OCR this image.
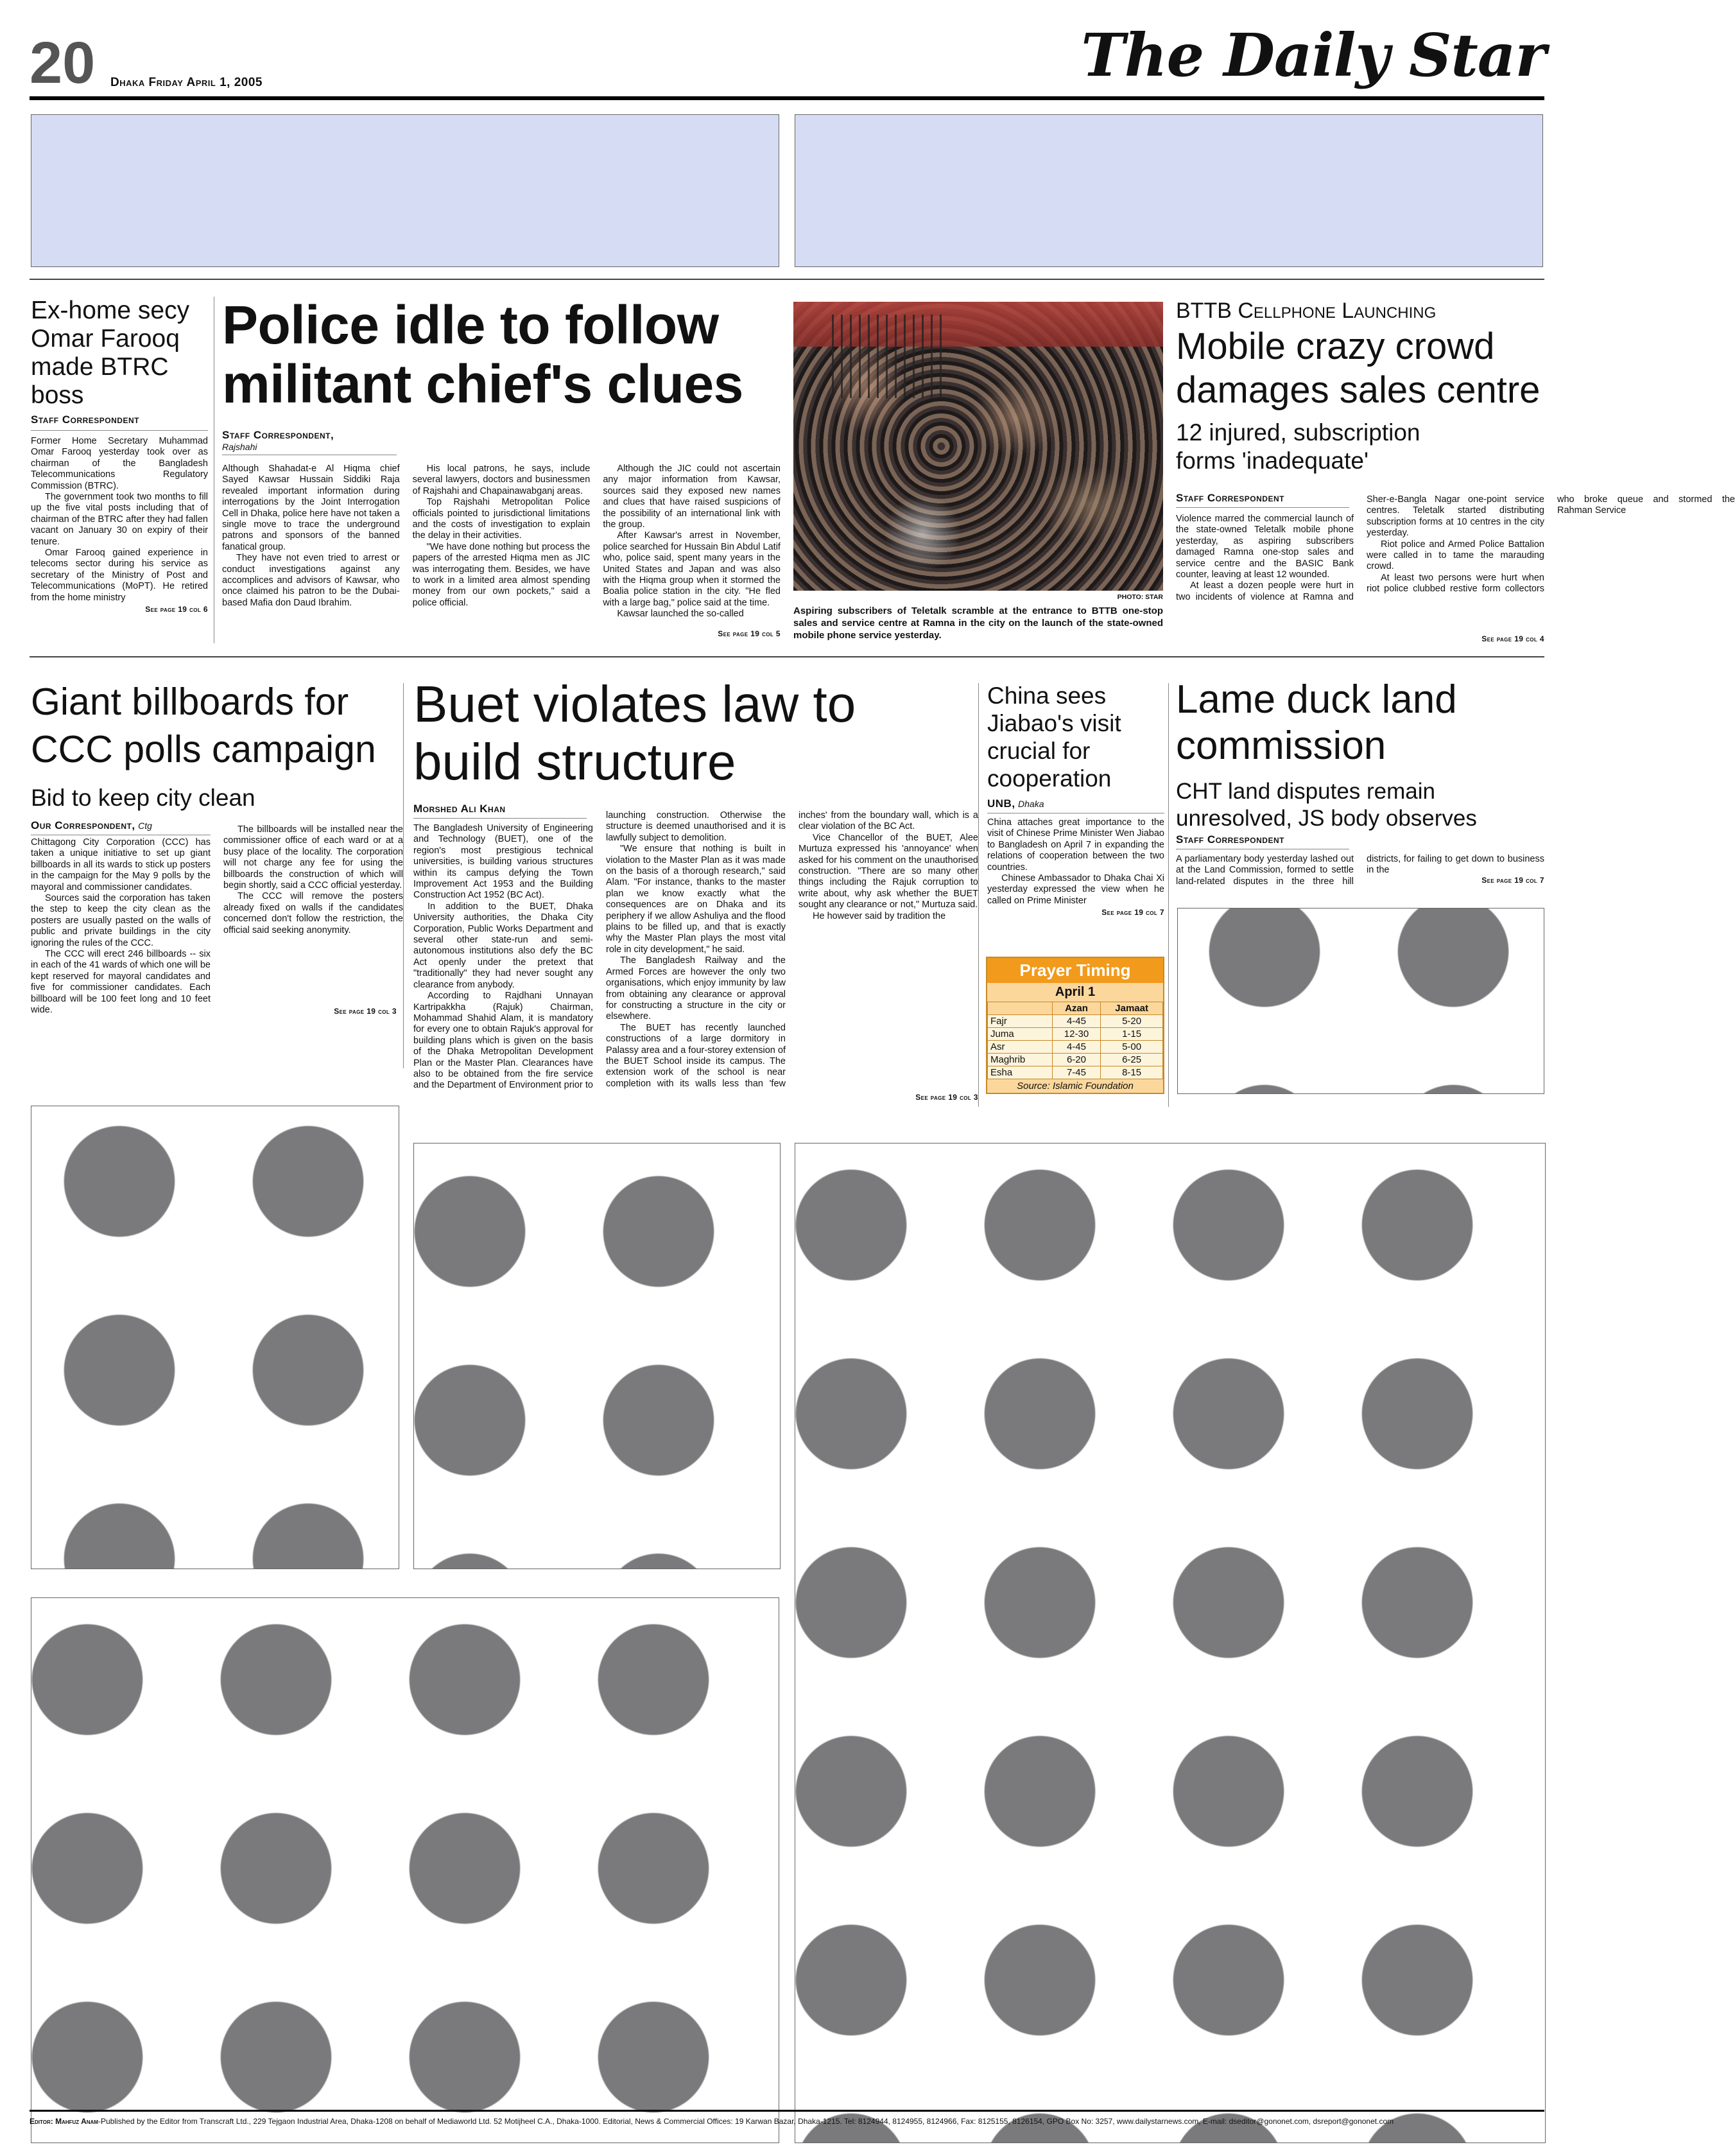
20 Dhaka Friday April 1, 2005	The Daily Star
Ex-home secy Omar Farooq made BTRC boss
Staff Correspondent

Former Home Secretary Muhammad Omar Farooq yesterday took over as chairman of the Bangladesh Telecommunications Regulatory Commission (BTRC).

The government took two months to fill up the five vital posts including that of chairman of the BTRC after they had fallen vacant on January 30 on expiry of their tenure.

Omar Farooq gained experience in telecoms sector during his service as secretary of the Ministry of Post and Telecommunications (MoPT). He retired from the home ministry

See page 19 col 6
Police idle to follow militant chief's clues
Staff Correspondent,
Rajshahi

Although Shahadat-e Al Hiqma chief Sayed Kawsar Hussain Siddiki Raja revealed important information during interrogations by the Joint Interrogation Cell in Dhaka, police here have not taken a single move to trace the underground patrons and sponsors of the banned fanatical group.

They have not even tried to arrest or conduct investigations against any accomplices and advisors of Kawsar, who once claimed his patron to be the Dubai-based Mafia don Daud Ibrahim.

His local patrons, he says, include several lawyers, doctors and businessmen of Rajshahi and Chapainawabganj areas.

Top Rajshahi Metropolitan Police officials pointed to jurisdictional limitations and the costs of investigation to explain the delay in their activities.

"We have done nothing but process the papers of the arrested Hiqma men as JIC was interrogating them. Besides, we have to work in a limited area almost spending money from our own pockets," said a police official.

Although the JIC could not ascertain any major information from Kawsar, sources said they exposed new names and clues that have raised suspicions of the possibility of an international link with the group.

After Kawsar's arrest in November, police searched for Hussain Bin Abdul Latif who, police said, spent many years in the United States and Japan and was also with the Hiqma group when it stormed the Boalia police station in the city. "He fled with a large bag," police said at the time.

Kawsar launched the so-called

See page 19 col 5
PHOTO: STAR
Aspiring subscribers of Teletalk scramble at the entrance to BTTB one-stop sales and service centre at Ramna in the city on the launch of the state-owned mobile phone service yesterday.
BTTB Cellphone Launching
Mobile crazy crowd damages sales centre
12 injured, subscription forms 'inadequate'
Staff Correspondent

Violence marred the commercial launch of the state-owned Teletalk mobile phone yesterday, as aspiring subscribers damaged Ramna one-stop sales and service centre and the BASIC Bank counter, leaving at least 12 wounded.

At least a dozen people were hurt in two incidents of violence at Ramna and Sher-e-Bangla Nagar one-point service centres. Teletalk started distributing subscription forms at 10 centres in the city yesterday.

Riot police and Armed Police Battalion were called in to tame the marauding crowd.

At least two persons were hurt when riot police clubbed restive form collectors who broke queue and stormed the Rahman Service

See page 19 col 4
Giant billboards for CCC polls campaign
Bid to keep city clean
Our Correspondent, Ctg

Chittagong City Corporation (CCC) has taken a unique initiative to set up giant billboards in all its wards to stick up posters in the campaign for the May 9 polls by the mayoral and commissioner candidates.

Sources said the corporation has taken the step to keep the city clean as the posters are usually pasted on the walls of public and private buildings in the city ignoring the rules of the CCC.

The CCC will erect 246 billboards -- six in each of the 41 wards of which one will be kept reserved for mayoral candidates and five for commissioner candidates. Each billboard will be 100 feet long and 10 feet wide.

The billboards will be installed near the commissioner office of each ward or at a busy place of the locality. The corporation will not charge any fee for using the billboards the construction of which will begin shortly, said a CCC official yesterday.

The CCC will remove the posters already fixed on walls if the candidates concerned don't follow the restriction, the official said seeking anonymity.

See page 19 col 3
Buet violates law to build structure
Morshed Ali Khan

The Bangladesh University of Engineering and Technology (BUET), one of the region's most prestigious technical universities, is building various structures within its campus defying the Town Improvement Act 1953 and the Building Construction Act 1952 (BC Act).

In addition to the BUET, Dhaka University authorities, the Dhaka City Corporation, Public Works Department and several other state-run and semi-autonomous institutions also defy the BC Act openly under the pretext that "traditionally" they had never sought any clearance from anybody.

According to Rajdhani Unnayan Kartripakkha (Rajuk) Chairman, Mohammad Shahid Alam, it is mandatory for every one to obtain Rajuk's approval for building plans which is given on the basis of the Dhaka Metropolitan Development Plan or the Master Plan. Clearances have also to be obtained from the fire service and the Department of Environment prior to launching construction. Otherwise the structure is deemed unauthorised and it is lawfully subject to demolition.

"We ensure that nothing is built in violation to the Master Plan as it was made on the basis of a thorough research," said Alam. "For instance, thanks to the master plan we know exactly what the consequences are on Dhaka and its periphery if we allow Ashuliya and the flood plains to be filled up, and that is exactly why the Master Plan plays the most vital role in city development," he said.

The Bangladesh Railway and the Armed Forces are however the only two organisations, which enjoy immunity by law from obtaining any clearance or approval for constructing a structure in the city or elsewhere.

The BUET has recently launched constructions of a large dormitory in Palassy area and a four-storey extension of the BUET School inside its campus. The extension work of the school is near completion with its walls less than 'few inches' from the boundary wall, which is a clear violation of the BC Act.

Vice Chancellor of the BUET, Alee Murtuza expressed his 'annoyance' when asked for his comment on the unauthorised construction. "There are so many other things including the Rajuk corruption to write about, why ask whether the BUET sought any clearance or not," Murtuza said.

He however said by tradition the

See page 19 col 3
China sees Jiabao's visit crucial for cooperation
UNB, Dhaka

China attaches great importance to the visit of Chinese Prime Minister Wen Jiabao to Bangladesh on April 7 in expanding the relations of cooperation between the two countries.

Chinese Ambassador to Dhaka Chai Xi yesterday expressed the view when he called on Prime Minister

See page 19 col 7
Prayer Timing
April 1
	Azan	Jamaat
Fajr	4-45	5-20
Juma	12-30	1-15
Asr	4-45	5-00
Maghrib	6-20	6-25
Esha	7-45	8-15
Source: Islamic Foundation
Lame duck land commission
CHT land disputes remain unresolved, JS body observes
Staff Correspondent

A parliamentary body yesterday lashed out at the Land Commission, formed to settle land-related disputes in the three hill districts, for failing to get down to business in the

See page 19 col 7
Editor: Mahfuz Anam-Published by the Editor from Transcraft Ltd., 229 Tejgaon Industrial Area, Dhaka-1208 on behalf of Mediaworld Ltd. 52 Motijheel C.A., Dhaka-1000. Editorial, News & Commercial Offices: 19 Karwan Bazar, Dhaka-1215. Tel: 8124944, 8124955, 8124966, Fax: 8125155, 8126154, GPO Box No: 3257, www.dailystarnews.com, E-mail: dseditor@gononet.com, dsreport@gononet.com
